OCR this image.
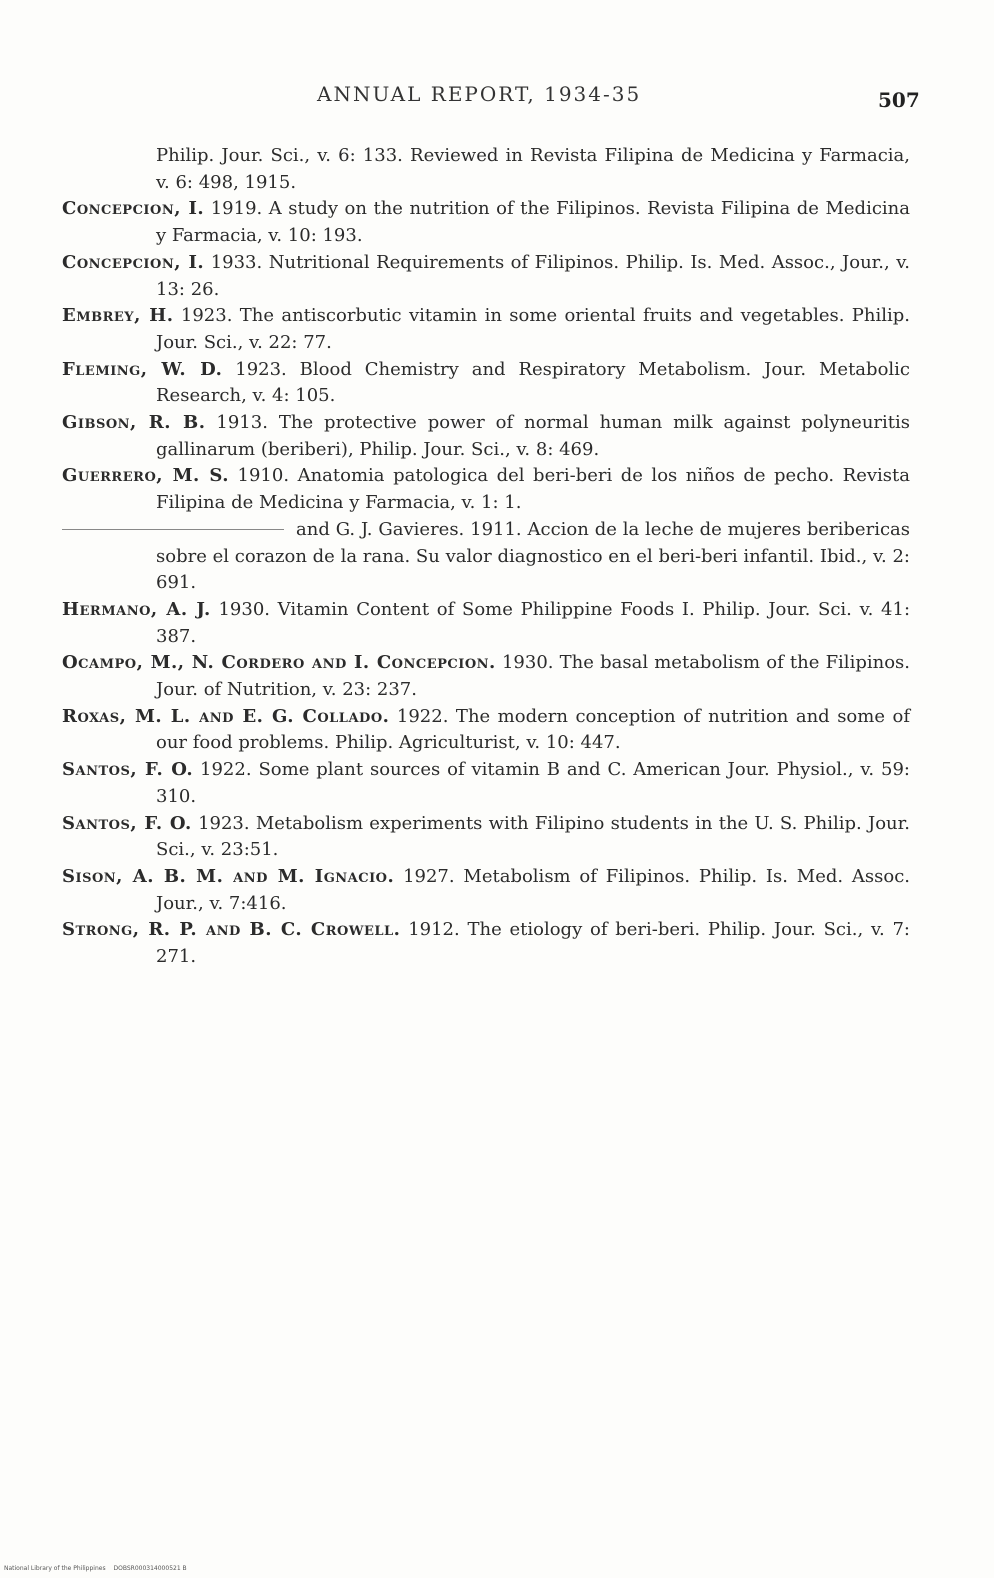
ANNUAL REPORT, 1934-35	507

Philip. Jour. Sci., v. 6: 133. Reviewed in Revista Filipina de Medicina y Farmacia, v. 6: 498, 1915.

Concepcion, I. 1919. A study on the nutrition of the Filipinos. Revista Filipina de Medicina y Farmacia, v. 10: 193.

Concepcion, I. 1933. Nutritional Requirements of Filipinos. Philip. Is. Med. Assoc., Jour., v. 13: 26.

Embrey, H. 1923. The antiscorbutic vitamin in some oriental fruits and vegetables. Philip. Jour. Sci., v. 22: 77.

Fleming, W. D. 1923. Blood Chemistry and Respiratory Metabolism. Jour. Metabolic Research, v. 4: 105.

Gibson, R. B. 1913. The protective power of normal human milk against polyneuritis gallinarum (beriberi), Philip. Jour. Sci., v. 8: 469.

Guerrero, M. S. 1910. Anatomia patologica del beri-beri de los niños de pecho. Revista Filipina de Medicina y Farmacia, v. 1: 1.

and G. J. Gavieres. 1911. Accion de la leche de mujeres beribericas sobre el corazon de la rana. Su valor diagnostico en el beri-beri infantil. Ibid., v. 2: 691.

Hermano, A. J. 1930. Vitamin Content of Some Philippine Foods I. Philip. Jour. Sci. v. 41: 387.

Ocampo, M., N. Cordero and I. Concepcion. 1930. The basal metabolism of the Filipinos. Jour. of Nutrition, v. 23: 237.

Roxas, M. L. and E. G. Collado. 1922. The modern conception of nutrition and some of our food problems. Philip. Agriculturist, v. 10: 447.

Santos, F. O. 1922. Some plant sources of vitamin B and C. American Jour. Physiol., v. 59: 310.

Santos, F. O. 1923. Metabolism experiments with Filipino students in the U. S. Philip. Jour. Sci., v. 23:51.

Sison, A. B. M. and M. Ignacio. 1927. Metabolism of Filipinos. Philip. Is. Med. Assoc. Jour., v. 7:416.

Strong, R. P. and B. C. Crowell. 1912. The etiology of beri-beri. Philip. Jour. Sci., v. 7: 271.

National Library of the Philippines DOBSR000314000521 B
